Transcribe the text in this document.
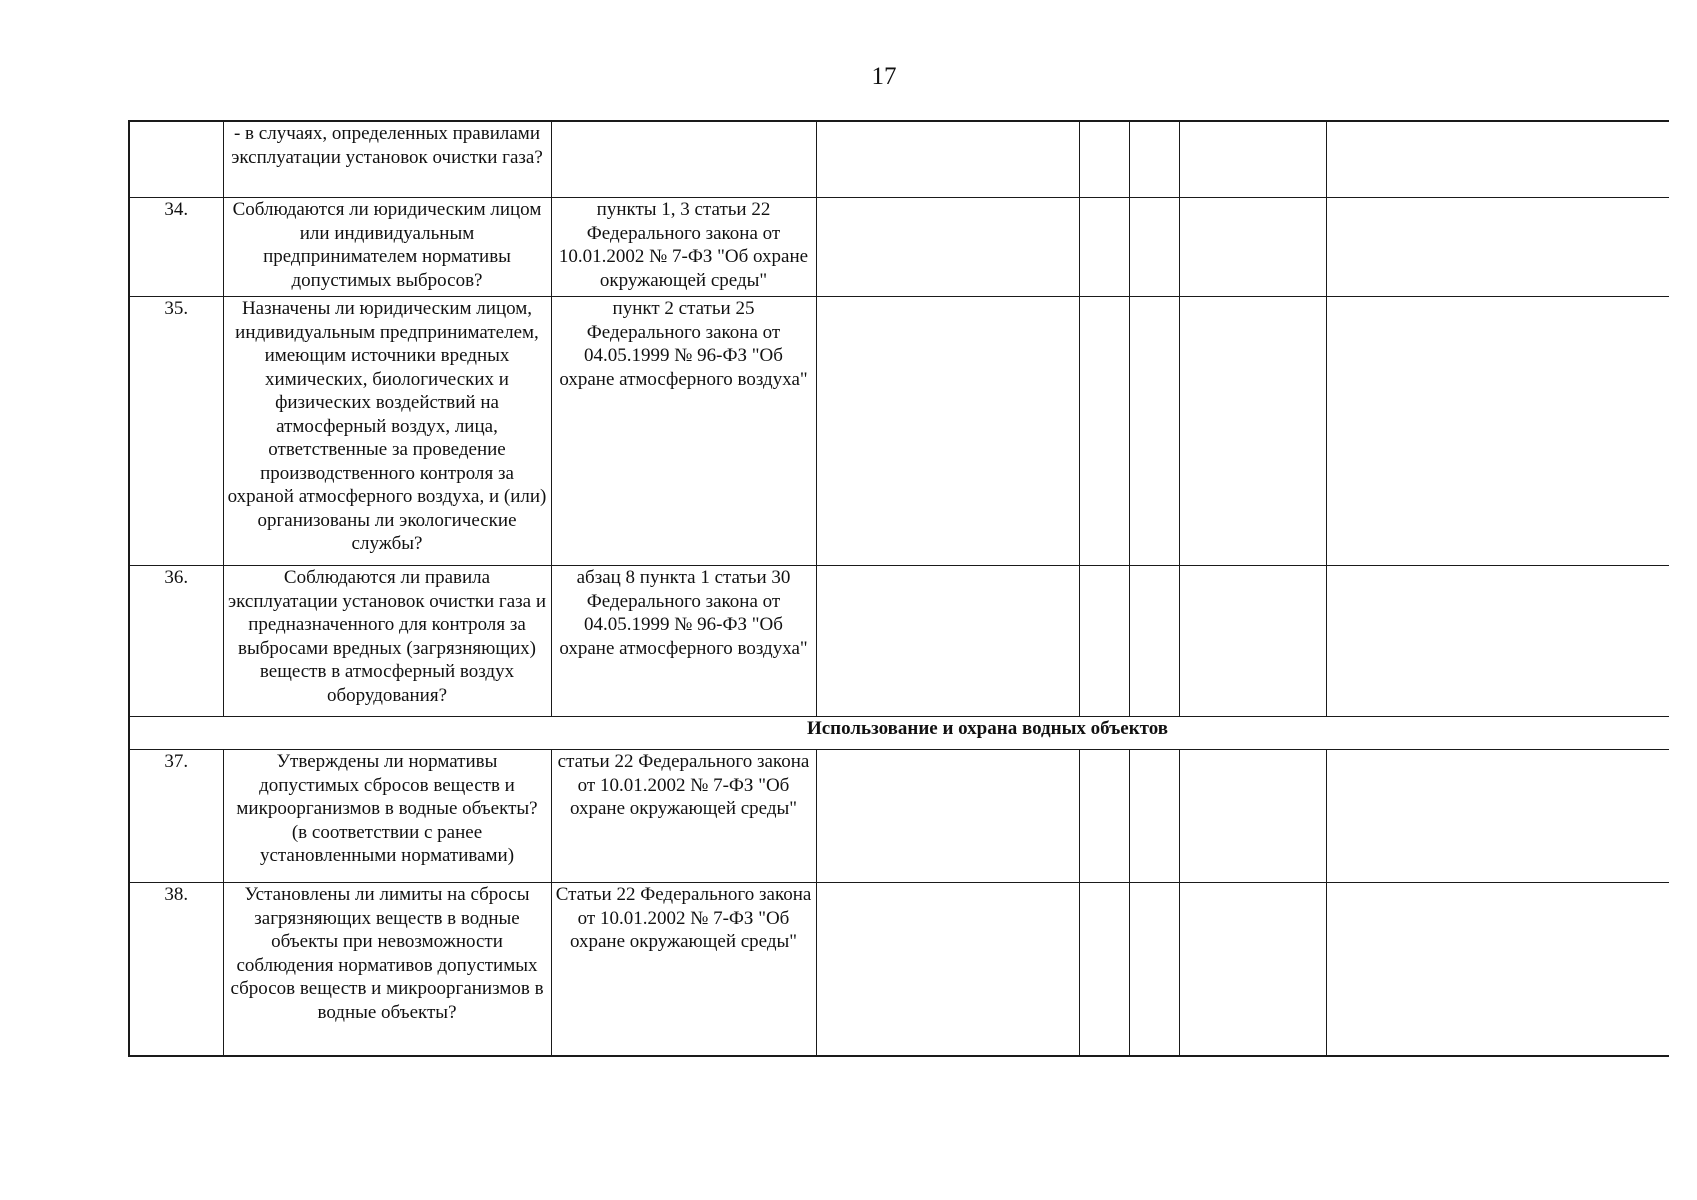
17
	- в случаях, определенных правилами эксплуатации установок очистки газа?						
34.	Соблюдаются ли юридическим лицом или индивидуальным предпринимателем нормативы допустимых выбросов?	пункты 1, 3 статьи 22 Федерального закона от 10.01.2002 № 7-ФЗ "Об охране окружающей среды"					
35.	Назначены ли юридическим лицом, индивидуальным предпринимателем, имеющим источники вредных химических, биологических и физических воздействий на атмосферный воздух, лица, ответственные за проведение производственного контроля за охраной атмосферного воздуха, и (или) организованы ли экологические службы?	пункт 2 статьи 25 Федерального закона от 04.05.1999 № 96-ФЗ "Об охране атмосферного воздуха"					
36.	Соблюдаются ли правила эксплуатации установок очистки газа и предназначенного для контроля за выбросами вредных (загрязняющих) веществ в атмосферный воздух оборудования?	абзац 8 пункта 1 статьи 30 Федерального закона от 04.05.1999 № 96-ФЗ "Об охране атмосферного воздуха"					
Использование и охрана водных объектов							
37.	Утверждены ли нормативы допустимых сбросов веществ и микроорганизмов в водные объекты? (в соответствии с ранее установленными нормативами)	статьи 22 Федерального закона от 10.01.2002 № 7-ФЗ "Об охране окружающей среды"					
38.	Установлены ли лимиты на сбросы загрязняющих веществ в водные объекты при невозможности соблюдения нормативов допустимых сбросов веществ и микроорганизмов в водные объекты?	Статьи 22 Федерального закона от 10.01.2002 № 7-ФЗ "Об охране окружающей среды"					
